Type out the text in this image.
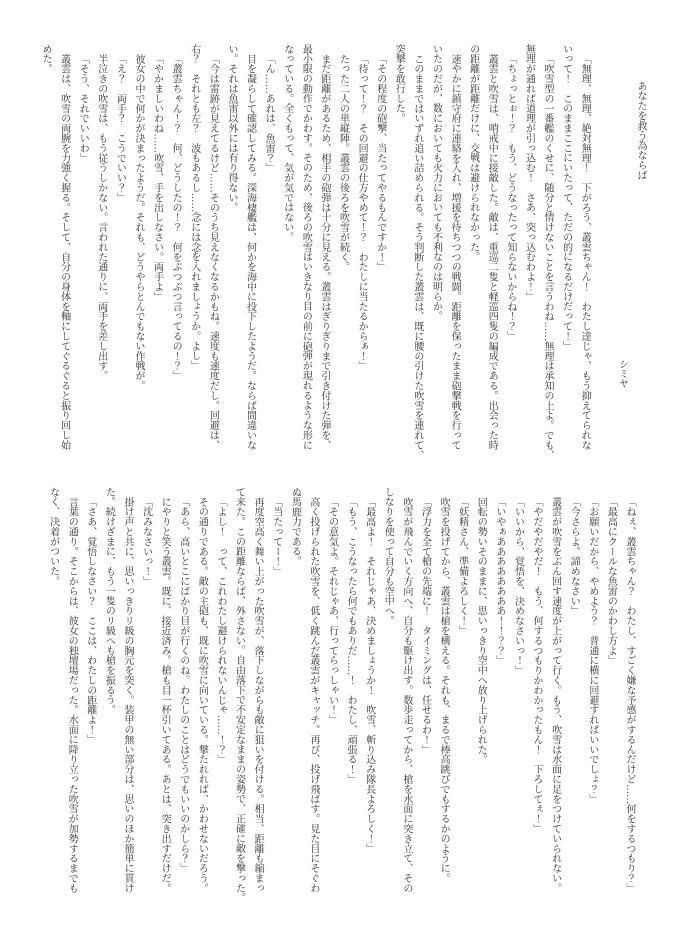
あなたを救う為ならば
シミヤ
「無理、無理、絶対無理！　下がろう、叢雲ちゃん！　わたし達じゃ、もう抑えてられな
いって！　このままここにいたって、ただの的になるだけだって！」
「吹雪型の一番艦のくせに、随分と情けないことを言うわね……無理は承知の上よ。でも、
無理が通れば道理が引っ込む！　さあ、突っ込むわよ！」
「ちょっとぉ！？　もう、どうなったって知らないからね！？」
叢雲と吹雪は、哨戒中に接敵した。敵は、重巡二隻と軽巡四隻の編成である。出会った時
の距離が距離だけに、交戦は避けられなかった。
速やかに鎮守府に連絡を入れ、増援を待ちつつの戦闘。距離を保ったまま砲撃戦を行って
いたのだが、数においても火力においても不利なのは明らか。
このままではいずれ追い詰められる。そう判断した叢雲は、既に腰の引けた吹雪を連れて、
突撃を敢行した。
「その程度の砲撃、当たってやるもんですか！」
「待って！？　その回避の仕方やめて！？　わたしに当たるからぁ！」
たった二人の単縦陣。叢雲の後ろを吹雪が続く。
まだ距離があるため、相手の砲弾は十分に見える。叢雲はぎりぎりまで引き付けた弾を、
最小限の動作でかわす。そのため、後ろの吹雪はいきなり目の前に砲弾が現れるような形に
なっている。全くもって、気が気ではない。
「ん……あれは、魚雷？」
目を凝らして確認してみる。深海棲艦は、何かを海中に投下したようだ。ならば間違いな
い。それは魚雷以外には有り得ない。
「今は雷跡が見えてるけど……そのうち見えなくなるかもね。速度も速度だし。回避は、
右？　それとも左？　波もあるし……念には念を入れましょうか。よし」
「叢雲ちゃん！？　何、どうしたの！？　何をぶつぶつ言ってるの！？」
「やかましいわね……吹雪、手を出しなさい。両手よ」
彼女の中で何かが決まったようだ。それも、どうやらとんでもない作戦が。
「え？　両手？　こうでいい？」
半泣きの吹雪は、もう従うしかない。言われた通りに、両手を差し出す。
「そう、それでいいわ」
叢雲は、吹雪の両腕を力強く握る。そして、自分の身体を軸にしてぐるぐると振り回し始
めた。
「ねぇ、叢雲ちゃん？　わたし、すごく嫌な予感がするんだけど……何をするつもり？」
「最高にクールな魚雷のかわし方よ」
「お願いだから、やめよう？　普通に横に回避すればいいでしょ？」
「今さらよ。諦めなさい」
叢雲が吹雪をぶん回す速度が上がって行く。もう、吹雪は水面に足をつけていられない。
「やだやだやだ！　もう、何するつもりかわかったもん！　下ろしてぇ！」
「いいから、覚悟を、決めなさいっ！」
「いやぁああああああああ！！？？」
回転の勢いそのままに、思いっきり空中へ放り上げられた。
「妖精さん、準備よろしく！」
吹雪を投げてから、叢雲は槍を構える。それも、まるで棒高跳びでもするかのように。
「浮力を全て槍の先端に！　タイミングは、任せるわ！」
吹雪が飛んでいく方向へ、自分も駆け出す。数歩走ってから、槍を水面に突き立て、その
しなりを使って自分も空中へ。
「最高よ！　それじゃあ、決めましょうか！　吹雪、斬り込み隊長よろしく！」
「もう、こうなったら何でもありだ……！　わたし、頑張る！」
「その意気よ。それじゃあ、行ってらっしゃい！」
高く投げられた吹雪を、低く跳んだ叢雲がキャッチ。再び、投げ飛ばす。見た目にそぐわ
ぬ馬鹿力である。
「当たってー！」
再度空高く舞い上がった吹雪が、落下しながらも敵に狙いを付ける。相当、距離も縮まっ
て来た。この距離ならば、外さない。自由落下で不安定なままの姿勢で、正確に敵を撃った。
「よし！　って、これわたし避けられないんじゃ……！？」
その通りである。敵の主砲も、既に吹雪に向いている。撃たれれば、かわせないだろう。
「あら、高いとこにばかり目が行くのね。わたしのことはどうでもいいのかしら？」
にやりと笑う叢雲。既に、接近済み。槍も目一杯引いてある。あとは、突き出すだけだ。
「沈みなさいっ！」
掛け声と共に、思いっきりリ級の胸元を突く。装甲の無い部分は、思いのほか簡単に貫け
た。続けざまに、もう一隻のリ級へも槍を振るう。
「さあ、覚悟しなさい？　ここは、わたしの距離よ！」
言葉の通り。そこからは、彼女の独壇場だった。水面に降り立った吹雪が加勢するまでも
なく、決着がついた。
